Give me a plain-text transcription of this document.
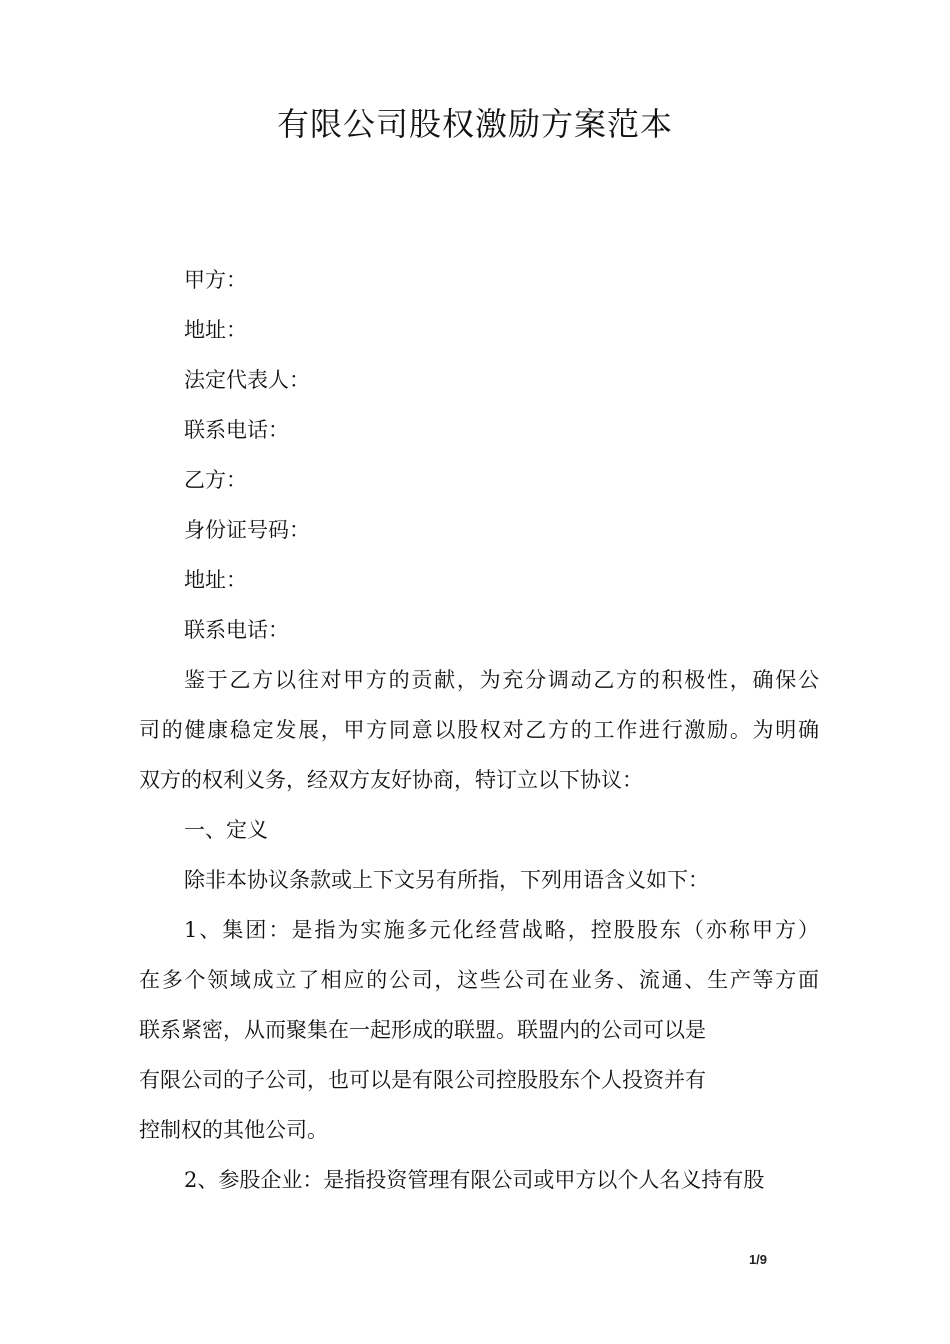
有限公司股权激励方案范本

甲方：

地址：

法定代表人：

联系电话：

乙方：

身份证号码：

地址：

联系电话：

鉴于乙方以往对甲方的贡献，为充分调动乙方的积极性，确保公

司的健康稳定发展，甲方同意以股权对乙方的工作进行激励。为明确

双方的权利义务，经双方友好协商，特订立以下协议：

一、定义

除非本协议条款或上下文另有所指，下列用语含义如下：

1、集团：是指为实施多元化经营战略，控股股东（亦称甲方）

在多个领域成立了相应的公司，这些公司在业务、流通、生产等方面

联系紧密，从而聚集在一起形成的联盟。联盟内的公司可以是

有限公司的子公司，也可以是有限公司控股股东个人投资并有

控制权的其他公司。

2、参股企业：是指投资管理有限公司或甲方以个人名义持有股

1/9
